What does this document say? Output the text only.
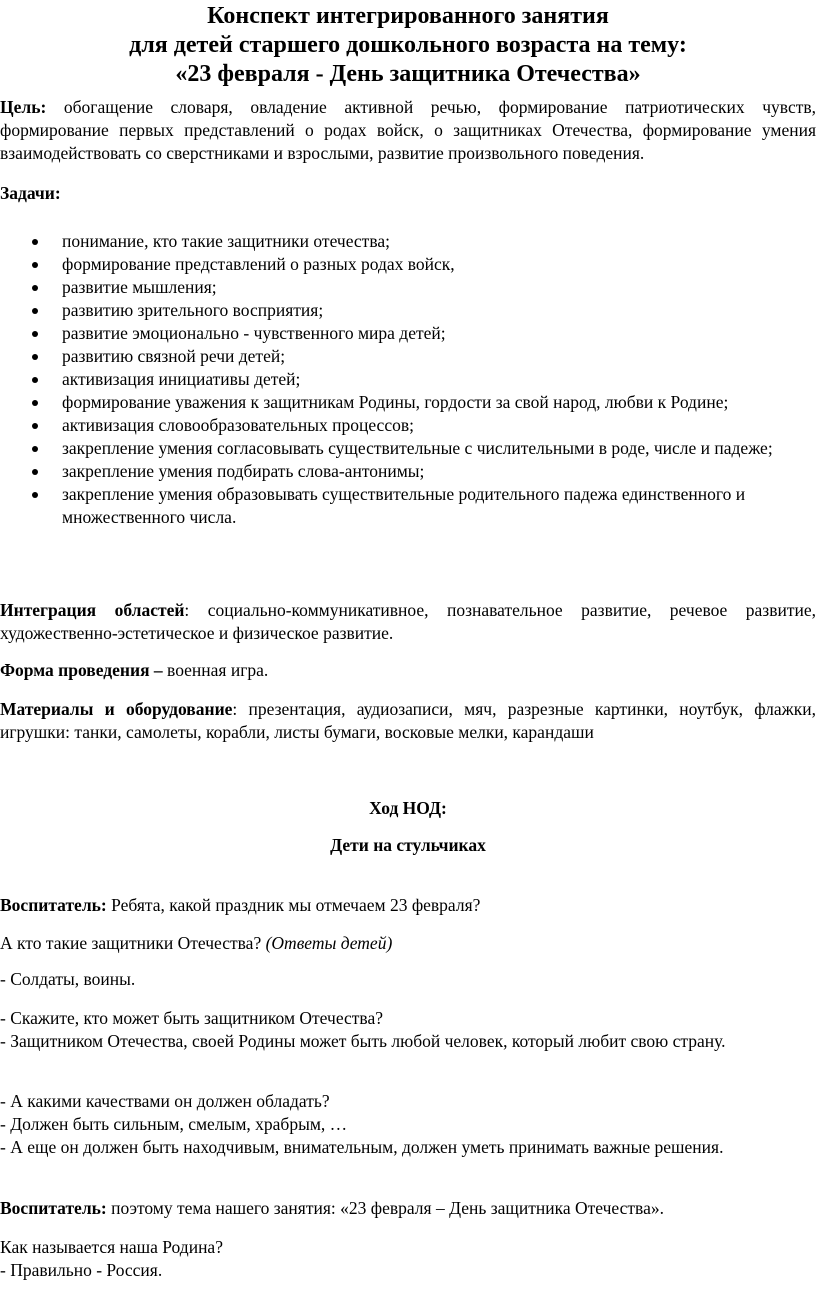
Конспект интегрированного занятия
для детей старшего дошкольного возраста на тему:
«23 февраля - День защитника Отечества»
Цель: обогащение словаря, овладение активной речью, формирование патриотических чувств, формирование первых представлений о родах войск, о защитниках Отечества, формирование умения взаимодействовать со сверстниками и взрослыми, развитие произвольного поведения.
Задачи:
понимание, кто такие защитники отечества;
формирование представлений о разных родах войск,
развитие мышления;
развитию зрительного восприятия;
развитие эмоционально - чувственного мира детей;
развитию связной речи детей;
активизация инициативы детей;
формирование уважения к защитникам Родины, гордости за свой народ, любви к Родине;
активизация словообразовательных процессов;
закрепление умения согласовывать существительные с числительными в роде, числе и падеже;
закрепление умения подбирать слова-антонимы;
закрепление умения образовывать существительные родительного падежа единственного и множественного числа.
Интеграция областей: социально-коммуникативное, познавательное развитие, речевое развитие, художественно-эстетическое и физическое развитие.
Форма проведения – военная игра.
Материалы и оборудование: презентация, аудиозаписи, мяч, разрезные картинки, ноутбук, флажки, игрушки: танки, самолеты, корабли, листы бумаги, восковые мелки, карандаши
Ход НОД:
Дети на стульчиках
Воспитатель: Ребята, какой праздник мы отмечаем 23 февраля?
А кто такие защитники Отечества? (Ответы детей)
- Солдаты, воины.
- Скажите, кто может быть защитником Отечества?
- Защитником Отечества, своей Родины может быть любой человек, который любит свою страну.
- А какими качествами он должен обладать?
- Должен быть сильным, смелым, храбрым, …
- А еще он должен быть находчивым, внимательным, должен уметь принимать важные решения.
Воспитатель: поэтому тема нашего занятия: «23 февраля – День защитника Отечества».
Как называется наша Родина?
- Правильно - Россия.
